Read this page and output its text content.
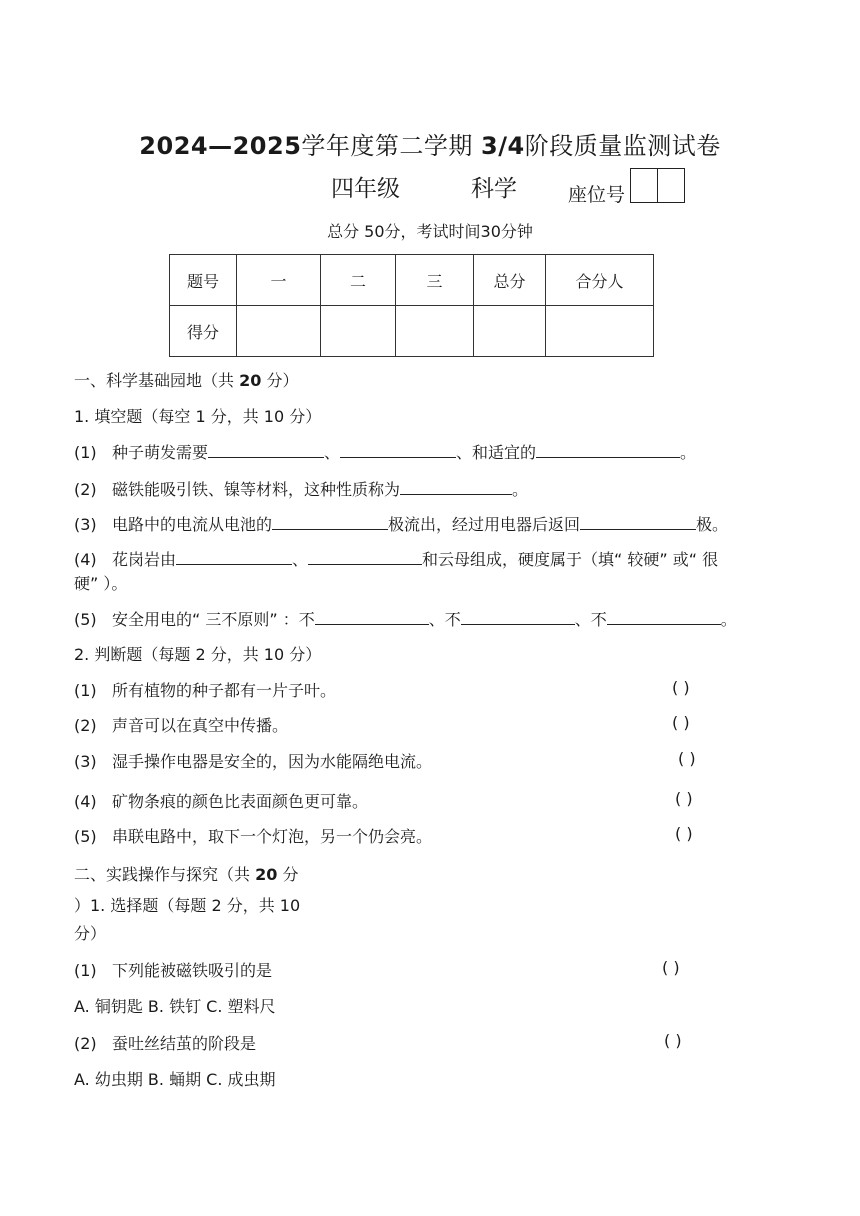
2024—2025学年度第二学期 3/4阶段质量监测试卷
四年级	科学	座位号
总分 50分，考试时间30分钟
题号	一	二	三	总分	合分人
得分					
一、科学基础园地（共 20 分）
1. 填空题（每空 1 分，共 10 分）
(1) 种子萌发需要	、	、和适宜的	。
(2) 磁铁能吸引铁、镍等材料，这种性质称为	。
(3) 电路中的电流从电池的	极流出，经过用电器后返回	极。
(4) 花岗岩由	、	和云母组成，硬度属于（填“ 较硬” 或“ 很
硬” ）。
(5) 安全用电的“ 三不原则” ：不	、不	、不	。
2. 判断题（每题 2 分，共 10 分）
(1) 所有植物的种子都有一片子叶。	( )
(2) 声音可以在真空中传播。	( )
(3) 湿手操作电器是安全的，因为水能隔绝电流。	( )
(4) 矿物条痕的颜色比表面颜色更可靠。	( )
(5) 串联电路中，取下一个灯泡，另一个仍会亮。	( )
二、实践操作与探究（共 20 分
）1. 选择题（每题 2 分，共 10
分）
(1) 下列能被磁铁吸引的是	( )
A. 铜钥匙 B. 铁钉 C. 塑料尺
(2) 蚕吐丝结茧的阶段是	( )
A. 幼虫期 B. 蛹期 C. 成虫期
